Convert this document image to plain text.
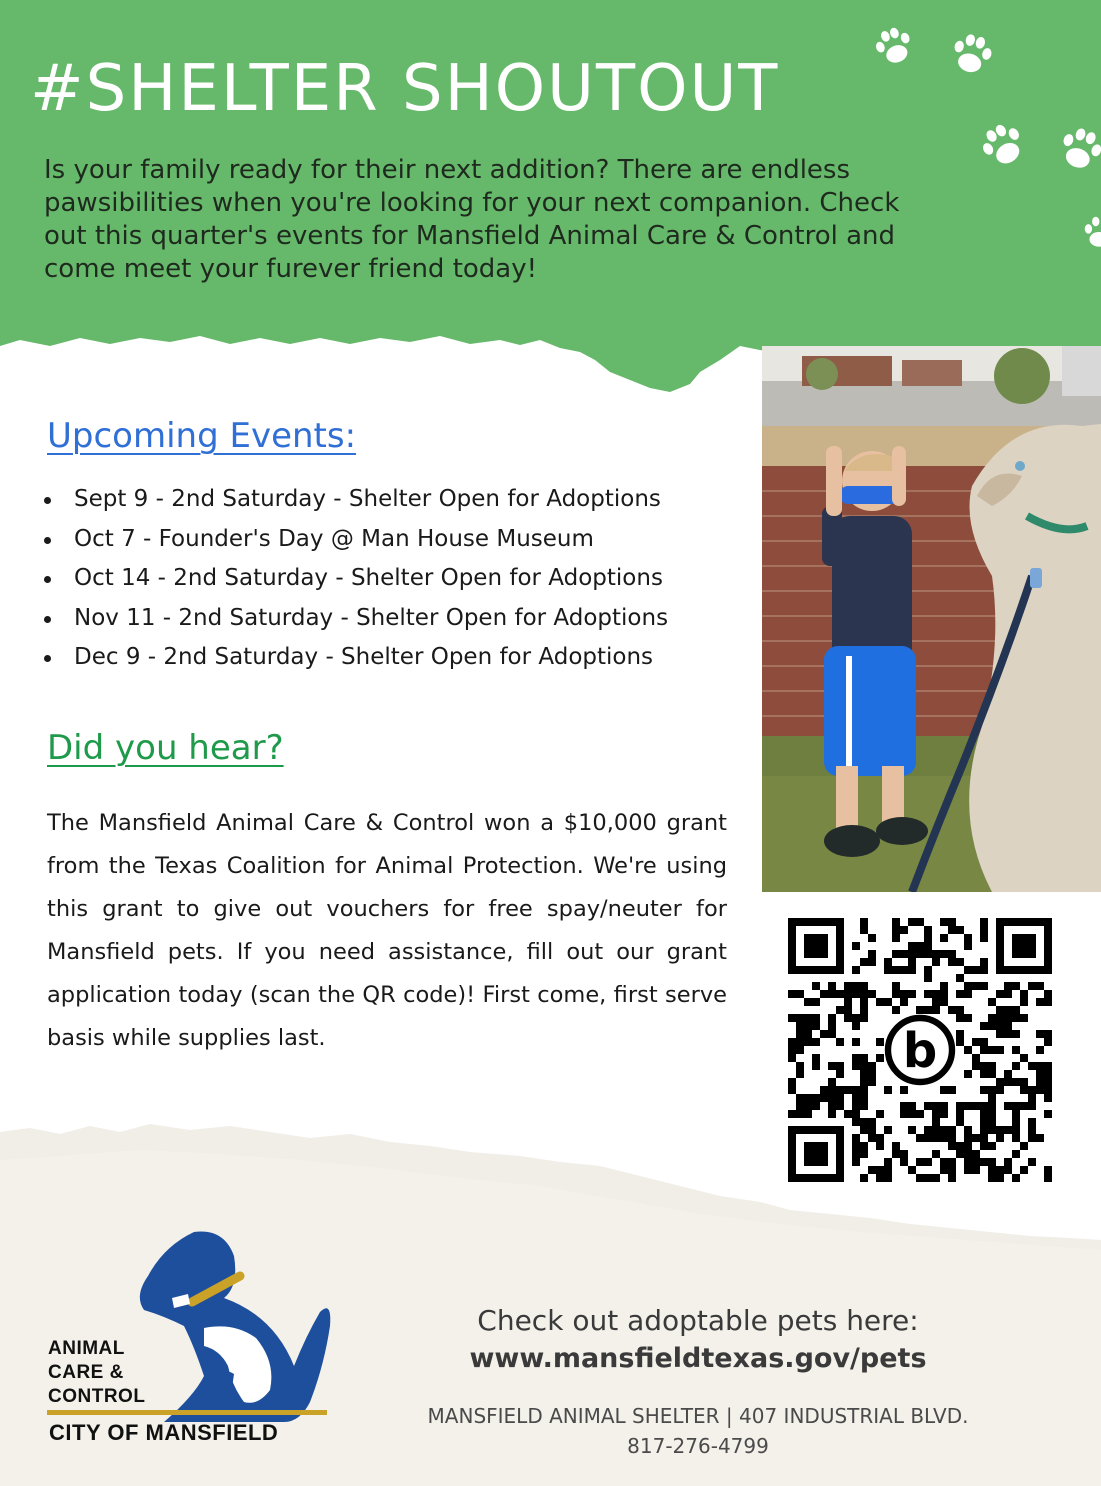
#SHELTER SHOUTOUT
Is your family ready for their next addition? There are endless pawsibilities when you're looking for your next companion. Check out this quarter's events for Mansfield Animal Care & Control and come meet your furever friend today!
Upcoming Events:
Sept 9 - 2nd Saturday - Shelter Open for Adoptions
Oct 7 - Founder's Day @ Man House Museum
Oct 14 - 2nd Saturday - Shelter Open for Adoptions
Nov 11 - 2nd Saturday - Shelter Open for Adoptions
Dec 9 - 2nd Saturday - Shelter Open for Adoptions
Did you hear?
The Mansfield Animal Care & Control won a $10,000 grant from the Texas Coalition for Animal Protection. We're using this grant to give out vouchers for free spay/neuter for Mansfield pets. If you need assistance, fill out our grant application today (scan the QR code)! First come, first serve basis while supplies last.	b
Check out adoptable pets here:
www.mansfieldtexas.gov/pets
MANSFIELD ANIMAL SHELTER | 407 INDUSTRIAL BLVD.
817-276-4799
ANIMAL
CARE &
CONTROL
CITY OF MANSFIELD
